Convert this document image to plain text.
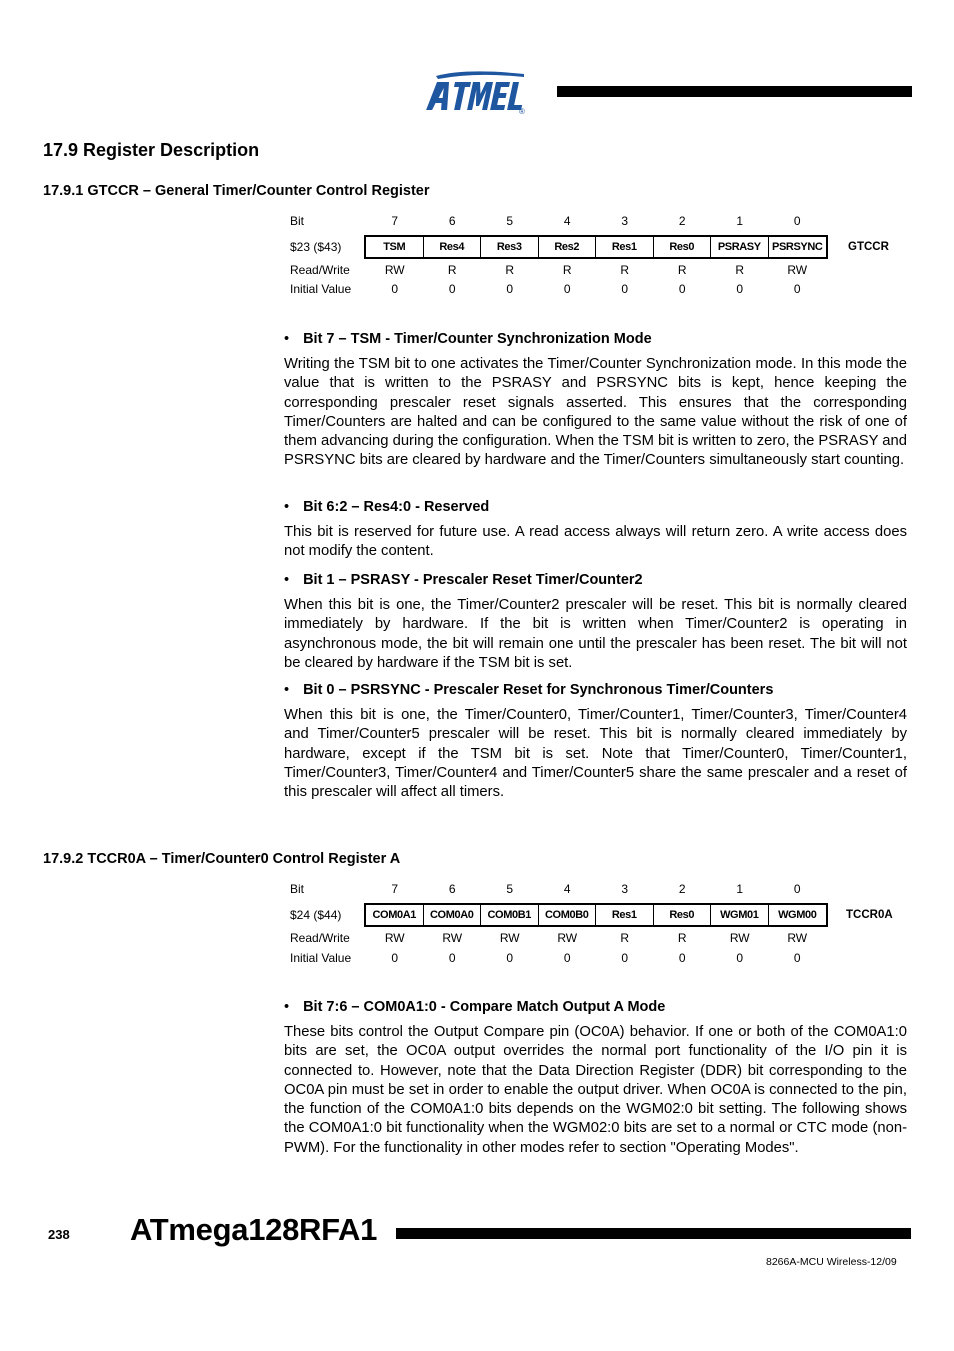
®
17.9 Register Description
17.9.1 GTCCR – General Timer/Counter Control Register
Bit	7	6	5	4	3	2	1	0
$23 ($43)	TSM	Res4	Res3	Res2	Res1	Res0	PSRASY	PSRSYNC	GTCCR
Read/Write	RW	R	R	R	R	R	R	RW
Initial Value	0	0	0	0	0	0	0	0
• Bit 7 – TSM - Timer/Counter Synchronization Mode

Writing the TSM bit to one activates the Timer/Counter Synchronization mode. In this mode the value that is written to the PSRASY and PSRSYNC bits is kept, hence keeping the corresponding prescaler reset signals asserted. This ensures that the corresponding Timer/Counters are halted and can be configured to the same value without the risk of one of them advancing during the configuration. When the TSM bit is written to zero, the PSRASY and PSRSYNC bits are cleared by hardware and the Timer/Counters simultaneously start counting.

• Bit 6:2 – Res4:0 - Reserved

This bit is reserved for future use. A read access always will return zero. A write access does not modify the content.

• Bit 1 – PSRASY - Prescaler Reset Timer/Counter2

When this bit is one, the Timer/Counter2 prescaler will be reset. This bit is normally cleared immediately by hardware. If the bit is written when Timer/Counter2 is operating in asynchronous mode, the bit will remain one until the prescaler has been reset. The bit will not be cleared by hardware if the TSM bit is set.

• Bit 0 – PSRSYNC - Prescaler Reset for Synchronous Timer/Counters

When this bit is one, the Timer/Counter0, Timer/Counter1, Timer/Counter3, Timer/Counter4 and Timer/Counter5 prescaler will be reset. This bit is normally cleared immediately by hardware, except if the TSM bit is set. Note that Timer/Counter0, Timer/Counter1, Timer/Counter3, Timer/Counter4 and Timer/Counter5 share the same prescaler and a reset of this prescaler will affect all timers.

17.9.2 TCCR0A – Timer/Counter0 Control Register A
Bit	7	6	5	4	3	2	1	0
$24 ($44)	COM0A1	COM0A0	COM0B1	COM0B0	Res1	Res0	WGM01	WGM00	TCCR0A
Read/Write	RW	RW	RW	RW	R	R	RW	RW
Initial Value	0	0	0	0	0	0	0	0
• Bit 7:6 – COM0A1:0 - Compare Match Output A Mode

These bits control the Output Compare pin (OC0A) behavior. If one or both of the COM0A1:0 bits are set, the OC0A output overrides the normal port functionality of the I/O pin it is connected to. However, note that the Data Direction Register (DDR) bit corresponding to the OC0A pin must be set in order to enable the output driver. When OC0A is connected to the pin, the function of the COM0A1:0 bits depends on the WGM02:0 bit setting. The following shows the COM0A1:0 bit functionality when the WGM02:0 bits are set to a normal or CTC mode (non-PWM). For the functionality in other modes refer to section "Operating Modes".

238 ATmega128RFA1
8266A-MCU Wireless-12/09
